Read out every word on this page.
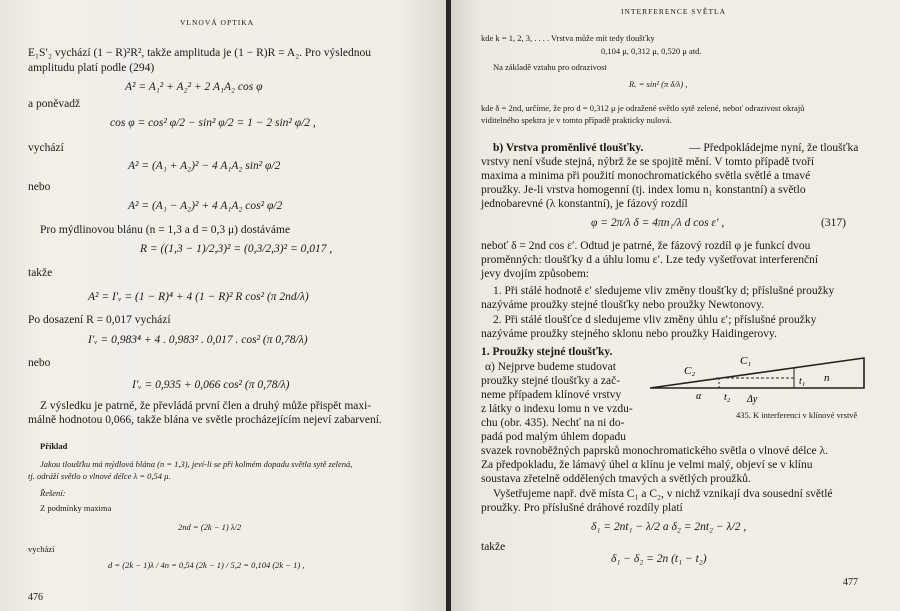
VLNOVÁ OPTIKA
E₁S′₂ vychází (1 − R)²R², takže amplituda je (1 − R)R = A₂. Pro výslednou
amplitudu platí podle (294)
A² = A₁² + A₂² + 2 A₁A₂ cos φ
a poněvadž
cos φ = cos² φ/2 − sin² φ/2 = 1 − 2 sin² φ/2 ,
vychází
A² = (A₁ + A₂)² − 4 A₁A₂ sin² φ/2
nebo
A² = (A₁ − A₂)² + 4 A₁A₂ cos² φ/2
Pro mýdlinovou blánu (n = 1,3 a d = 0,3 μ) dostáváme
R = ((1,3 − 1)/2,3)² = (0,3/2,3)² = 0,017 ,
takže
A² = I′ᵥ = (1 − R)⁴ + 4 (1 − R)² R cos² (π 2nd/λ)
Po dosazení R = 0,017 vychází
I′ᵥ = 0,983⁴ + 4 . 0,983² . 0,017 . cos² (π 0,78/λ)
nebo
I′ᵥ = 0,935 + 0,066 cos² (π 0,78/λ)
Z výsledku je patrné, že převládá první člen a druhý může přispět maxi-
málně hodnotou 0,066, takže blána ve světle procházejícím nejeví zabarvení.
Příklad
Jakou tloušťku má mýdlová blána (n = 1,3), jeví-li se při kolmém dopadu světla sytě zelená,
tj. odráží světlo o vlnové délce λ = 0,54 μ.
Řešení:
Z podmínky maxima
2nd = (2k − 1) λ/2
vychází
d = (2k − 1)λ / 4n = 0,54 (2k − 1) / 5,2 = 0,104 (2k − 1) ,
476
INTERFERENCE SVĚTLA
kde k = 1, 2, 3, . . . . Vrstva může mít tedy tloušťky
0,104 μ, 0,312 μ, 0,520 μ atd.
Na základě vztahu pro odrazivost
Rᵥ = sin² (π δ/λ) ,
kde δ = 2nd, určíme, že pro d = 0,312 μ je odražené světlo sytě zelené, neboť odrazivost okrajů
viditelného spektra je v tomto případě prakticky nulová.
b) Vrstva proměnlivé tloušťky.	— Předpokládejme nyní, že tloušťka
vrstvy není všude stejná, nýbrž že se spojitě mění. V tomto případě tvoří
maxima a minima při použití monochromatického světla světlé a tmavé
proužky. Je-li vrstva homogenní (tj. index lomu n₁ konstantní) a světlo
jednobarevné (λ konstantní), je fázový rozdíl
φ = 2π/λ δ = 4πn₁/λ d cos ε′ ,	(317)
neboť δ = 2nd cos ε′. Odtud je patrné, že fázový rozdíl φ je funkcí dvou
proměnných: tloušťky d a úhlu lomu ε′. Lze tedy vyšetřovat interferenční
jevy dvojím způsobem:
1. Při stálé hodnotě ε′ sledujeme vliv změny tloušťky d; příslušné proužky
nazýváme proužky stejné tloušťky nebo proužky Newtonovy.
2. Při stálé tloušťce d sledujeme vliv změny úhlu ε′; příslušné proužky
nazýváme proužky stejného sklonu nebo proužky Haidingerovy.
1. Proužky stejné tloušťky.
α) Nejprve budeme studovat
proužky stejné tloušťky a zač-
neme případem klínové vrstvy
z látky o indexu lomu n ve vzdu-
chu (obr. 435). Nechť na ni do-
padá pod malým úhlem dopadu
C₁
C₂
t₁
t₂
n
α	Δy
435. K interferenci v klínové vrstvě
svazek rovnoběžných paprsků monochromatického světla o vlnové délce λ.
Za předpokladu, že lámavý úhel α klínu je velmi malý, objeví se v klínu
soustava zřetelně oddělených tmavých a světlých proužků.
Vyšetřujeme např. dvě místa C₁ a C₂, v nichž vznikají dva sousední světlé
proužky. Pro příslušné dráhové rozdíly platí
δ₁ = 2nt₁ − λ/2 a δ₂ = 2nt₂ − λ/2 ,
takže
δ₁ − δ₂ = 2n (t₁ − t₂)
477
